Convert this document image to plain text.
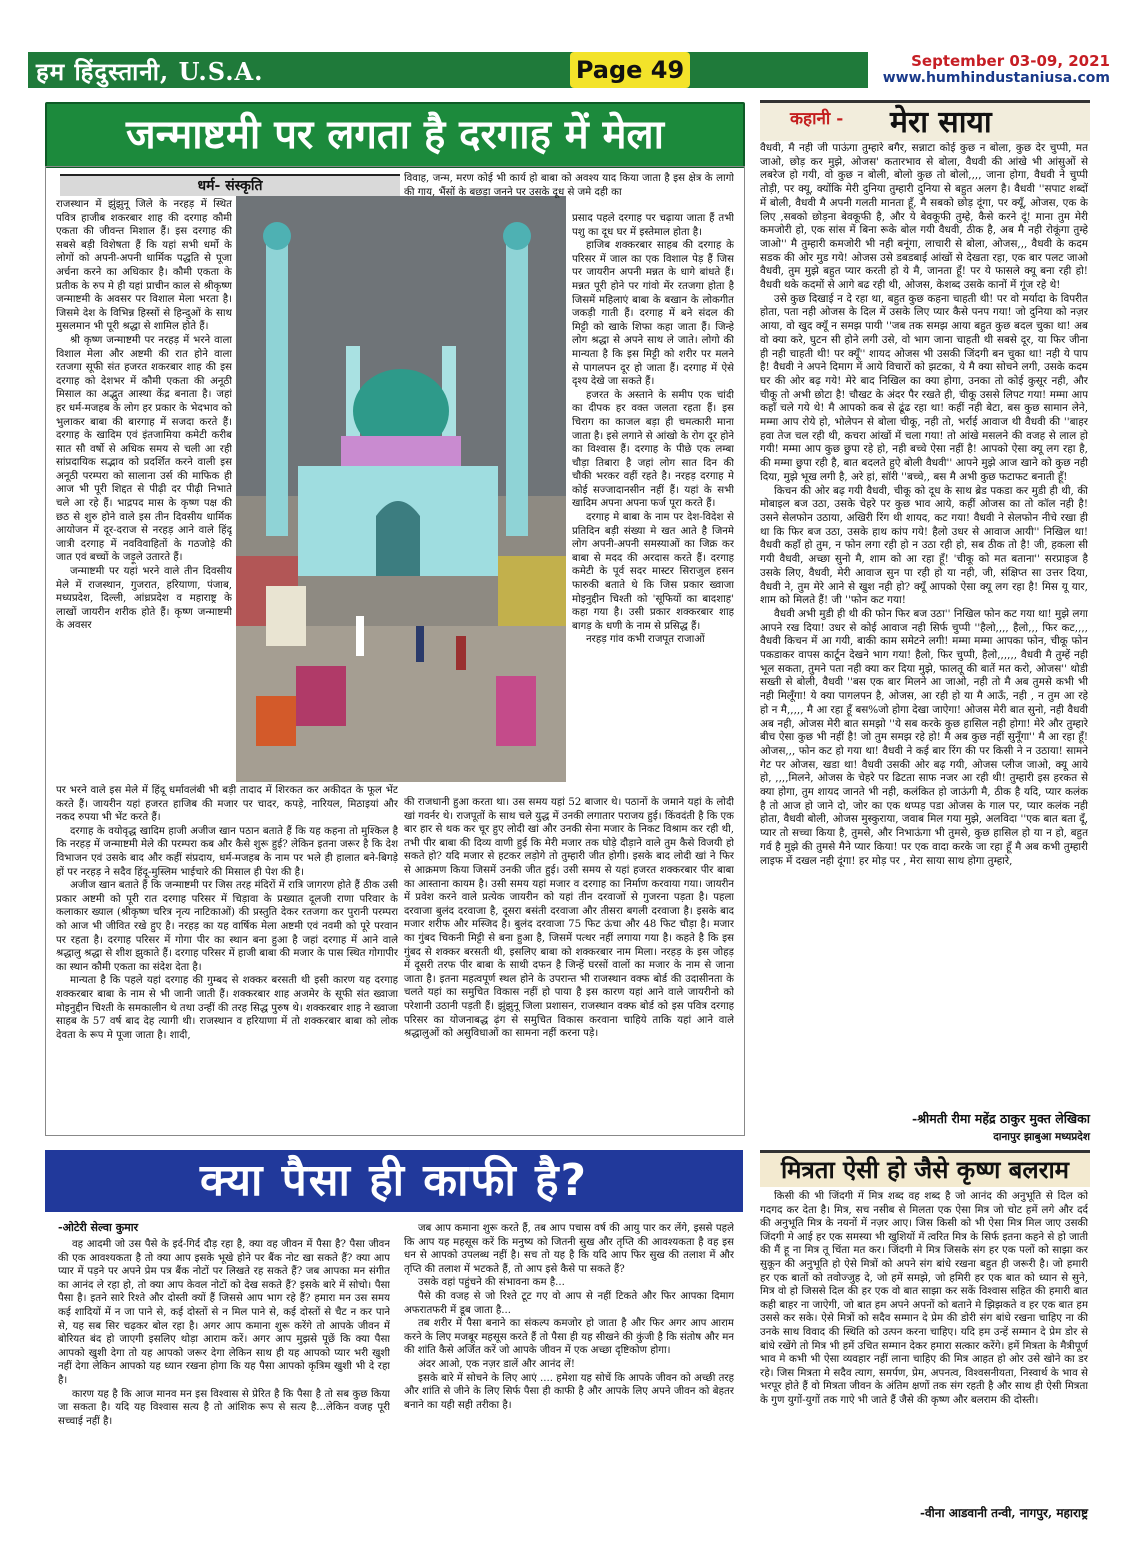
हम हिंदुस्तानी, U.S.A.	Page 49	September 03-09, 2021
www.humhindustaniusa.com
जन्माष्टमी पर लगता है दरगाह में मेला
धर्म- संस्कृति

राजस्थान में झुंझुनू जिले के नरहड़ में स्थित पवित्र हाजीब शकरबार शाह की दरगाह कौमी एकता की जीवन्त मिशाल हैं। इस दरगाह की सबसे बड़ी विशेषता हैं कि यहां सभी धर्मो के लोगों को अपनी-अपनी धार्मिक पद्धति से पूजा अर्चना करने का अधिकार है। कौमी एकता के प्रतीक के रुप मे ही यहां प्राचीन काल से श्रीकृष्ण जन्माष्टमी के अवसर पर विशाल मेला भरता है। जिसमे देश के विभिन्न हिस्सों से हिन्दुओं के साथ मुसलमान भी पूरी श्रद्धा से शामिल होते हैं।

श्री कृष्ण जन्माष्टमी पर नरहड़ में भरने वाला विशाल मेला और अष्टमी की रात होने वाला रतजगा सूफी संत हजरत शकरबार शाह की इस दरगाह को देशभर में कौमी एकता की अनूठी मिसाल का अद्भुत आस्था केंद्र बनाता है। जहां हर धर्म-मजहब के लोग हर प्रकार के भेदभाव को भुलाकर बाबा की बारगाह में सजदा करते हैं। दरगाह के खादिम एवं इंतजामिया कमेटी करीब सात सौ वर्षो से अधिक समय से चली आ रही सांप्रदायिक सद्भाव को प्रदर्शित करने वाली इस अनूठी परम्परा को सालाना उर्स की माफिक ही आज भी पूरी शिद्दत से पीढ़ी दर पीढ़ी निभाते चले आ रहे हैं। भाद्रपद मास के कृष्ण पक्ष की छठ से शुरु होने वाले इस तीन दिवसीय धार्मिक आयोजन में दूर-दराज से नरहड़ आने वाले हिंदू जात्री दरगाह में नवविवाहितों के गठजोड़े की जात एवं बच्चों के जड़ूले उतारते हैं।

जन्माष्टमी पर यहां भरने वाले तीन दिवसीय मेले में राजस्थान, गुजरात, हरियाणा, पंजाब, मध्यप्रदेश, दिल्ली, आंध्रप्रदेश व महाराष्ट्र के लाखों जायरीन शरीक होते हैं। कृष्ण जन्माष्टमी के अवसर

पर भरने वाले इस मेले में हिंदू धर्मावलंबी भी बड़ी तादाद में शिरकत कर अकीदत के फूल भेंट करते हैं। जायरीन यहां हजरत हाजिब की मजार पर चादर, कपड़े, नारियल, मिठाइयां और नकद रुपया भी भेंट करते हैं।

दरगाह के वयोवृद्ध खादिम हाजी अजीज खान पठान बताते हैं कि यह कहना तो मुश्किल है कि नरहड़ में जन्माष्टमी मेले की परम्परा कब और कैसे शुरू हुई? लेकिन इतना जरूर है कि देश विभाजन एवं उसके बाद और कहीं संप्रदाय, धर्म-मजहब के नाम पर भले ही हालात बने-बिगड़े हों पर नरहड़ ने सदैव हिंदू-मुस्लिम भाईचारे की मिसाल ही पेश की है।

अजीज खान बताते हैं कि जन्माष्टमी पर जिस तरह मंदिरों में रात्रि जागरण होते हैं ठीक उसी प्रकार अष्टमी को पूरी रात दरगाह परिसर में चिड़ावा के प्रख्यात दूलजी राणा परिवार के कलाकार ख्याल (श्रीकृष्ण चरित्र नृत्य नाटिकाओं) की प्रस्तुति देकर रतजगा कर पुरानी परम्परा को आज भी जीवित रखे हुए है। नरहड़ का यह वार्षिक मेला अष्टमी एवं नवमी को पूरे परवान पर रहता है। दरगाह परिसर में गोगा पीर का स्थान बना हुआ है जहां दरगाह में आने वाले श्रद्धालु श्रद्धा से शीश झुकाते हैं। दरगाह परिसर में हाजी बाबा की मजार के पास स्थित गोगापीर का स्थान कौमी एकता का संदेश देता है।

मान्यता है कि पहले यहां दरगाह की गुम्बद से शक्कर बरसती थी इसी कारण यह दरगाह शक्करबार बाबा के नाम से भी जानी जाती हैं। शक्करबार शाह अजमेर के सूफी संत ख्वाजा मोइनुद्दीन चिश्ती के समकालीन थे तथा उन्हीं की तरह सिद्ध पुरुष थे। शक्करबार शाह ने ख्वाजा साहब के 57 वर्ष बाद देह त्यागी थी। राजस्थान व हरियाणा में तो शक्करबार बाबा को लोक देवता के रूप मे पूजा जाता है। शादी,

विवाह, जन्म, मरण कोई भी कार्य हो बाबा को अवश्य याद किया जाता है इस क्षेत्र के लागो की गाय, भैंसों के बछड़ा जनने पर उसके दूध से जमे दही का

प्रसाद पहले दरगाह पर चढ़ाया जाता हैं तभी पशु का दूध घर में इस्तेमाल होता है।

हाजिब शक्करबार साहब की दरगाह के परिसर में जाल का एक विशाल पेड़ हैं जिस पर जायरीन अपनी मन्नत के धागे बांधते हैं। मन्नत पूरी होने पर गांवो मेंर रतजगा होता है जिसमें महिलाएं बाबा के बखान के लोकगीत जकड़ी गाती हैं। दरगाह में बने संदल की मिट्टी को खाके शिफा कहा जाता हैं। जिन्हे लोग श्रद्धा से अपने साथ ले जाते। लोगो की मान्यता है कि इस मिट्टी को शरीर पर मलने से पागलपन दूर हो जाता हैं। दरगाह में ऐसे दृश्य देखे जा सकते हैं।

हजरत के अस्ताने के समीप एक चांदी का दीपक हर वक्त जलता रहता हैं। इस चिराग का काजल बड़ा ही चमत्कारी माना जाता है। इसे लगाने से आंखो के रोग दूर होने का विश्वास हैं। दरगाह के पीछे एक लम्बा चौड़ा तिबारा है जहां लोग सात दिन की चौकी भरकर वहीं रहते है। नरहड़ दरगाह मे कोई सज्जादानसीन नहीं हैं। यहां के सभी खादिम अपना अपना फर्ज पूरा करते हैं।

दरगाह मे बाबा के नाम पर देश-विदेश से प्रतिदिन बड़ी संख्या मे खत आते है जिनमे लोग अपनी-अपनी समस्याओं का जिक्र कर बाबा से मदद की अरदास करते हैं। दरगाह कमेटी के पूर्व सदर मास्टर सिराजुल हसन फारुकी बताते थे कि जिस प्रकार ख्वाजा मोइनुद्दीन चिश्ती को 'सूफियों का बादशाह' कहा गया है। उसी प्रकार शक्करबार शाह बागड़ के धणी के नाम से प्रसिद्ध हैं।

नरहड़ गांव कभी राजपूत राजाओं

की राजधानी हुआ करता था। उस समय यहां 52 बाजार थे। पठानों के जमाने यहां के लोदी खां गवर्नर थे। राजपूतों के साथ चले युद्ध में उनकी लगातार पराजय हुई। किंवदंती है कि एक बार हार से थक कर चूर हुए लोदी खां और उनकी सेना मजार के निकट विश्राम कर रही थी, तभी पीर बाबा की दिव्य वाणी हुई कि मेरी मजार तक घोड़े दौड़ाने वाले तुम कैसे विजयी हो सकते हो? यदि मजार से हटकर लड़ोगे तो तुम्हारी जीत होगी। इसके बाद लोदी खां ने फिर से आक्रमण किया जिसमें उनकी जीत हुई। उसी समय से यहां हजरत शक्करबार पीर बाबा का आस्ताना कायम है। उसी समय यहां मजार व दरगाह का निर्माण करवाया गया। जायरीन में प्रवेश करने वाले प्रत्येक जायरीन को यहां तीन दरवाजों से गुजरना पड़ता है। पहला दरवाजा बुलंद दरवाजा है, दूसरा बसंती दरवाजा और तीसरा बगली दरवाजा है। इसके बाद मजार शरीफ और मस्जिद है। बुलंद दरवाजा 75 फिट ऊंचा और 48 फिट चौड़ा है। मजार का गुंबद चिकनी मिट्टी से बना हुआ है, जिसमें पत्थर नहीं लगाया गया है। कहते है कि इस गुंबद से शक्कर बरसती थी, इसलिए बाबा को शक्करबार नाम मिला। नरहड़ के इस जोहड़ में दूसरी तरफ पीर बाबा के साथी दफन है जिन्हें घरसों वालों का मजार के नाम से जाना जाता है। इतना महत्वपूर्ण स्थल होने के उपरान्त भी राजस्थान वक्फ बोर्ड की उदासीनता के चलते यहां का समुचित विकास नहीं हो पाया है इस कारण यहां आने वाले जायरीनो को परेशानी उठानी पड़ती हैं। झुंझुनू जिला प्रशासन, राजस्थान वक्फ बोर्ड को इस पवित्र दरगाह परिसर का योजनाबद्ध ढ़ंग से समुचित विकास करवाना चाहिये ताकि यहां आने वाले श्रद्धालुओं को असुविधाओं का सामना नहीं करना पड़े।

कहानी - मेरा साया

वैधवी, मै नही जी पाऊंगा तुम्हारे बगैर, सन्नाटा कोई कुछ न बोला, कुछ देर चुप्पी, मत जाओ, छोड़ कर मुझे, ओजस' कतारभाव से बोला, वैधवी की आंखे भी आंसुओं से लबरेज हो गयी, वो कुछ न बोली, बोलो कुछ तो बोलो,,,, जाना होगा, वैधवी ने चुप्पी तोड़ी, पर क्यू, क्योंकि मेरी दुनिया तुम्हारी दुनिया से बहुत अलग है। वैधवी ''सपाट शब्दों में बोली, वैधवी मै अपनी गलती मानता हूँ, मै सबको छोड़ दूंगा, पर क्यूँ, ओजस, एक के लिए ,सबको छोड़ना बेवकूफी है, और ये बेवकूफी तुम्हे, कैसे करने दूं! माना तुम मेरी कमजोरी हो, एक सांस में बिना रूके बोल गयी वैधवी, ठीक है, अब मै नही रोकूंगा तुम्हे जाओ'' मै तुम्हारी कमजोरी भी नही बनूंगा, लाचारी से बोला, ओजस,,, वैधवी के कदम सडक की ओर मुड गये! ओजस उसे डबडबाई आंखों से देखता रहा, एक बार पलट जाओ वैधवी, तुम मुझे बहुत प्यार करती हो ये मै, जानता हूँ! पर ये फासले क्यू बना रही हो! वैधवी थके कदमों से आगे बढ रही थी, ओजस, केशब्द उसके कानों में गूंज रहे थे!

उसे कुछ दिखाई न दे रहा था, बहुत कुछ कहना चाहती थी! पर वो मर्यादा के विपरीत होता, पता नही ओजस के दिल में उसके लिए प्यार कैसे पनप गया! जो दुनिया को नज़र आया, वो खुद क्यूँ न समझ पायी ''जब तक समझ आया बहुत कुछ बदल चुका था! अब वो क्या करे, घुटन सी होने लगी उसे, वो भाग जाना चाहती थी सबसे दूर, या फिर जीना ही नही चाहती थी! पर क्यूँ'' शायद ओजस भी उसकी जिंदगी बन चुका था! नही ये पाप है! वैधवी ने अपने दिमाग में आये विचारों को झटका, ये मै क्या सोचने लगी, उसके कदम घर की ओर बढ़ गये! मेरे बाद निखिल का क्या होगा, उनका तो कोई कुसूर नही, और चीकू तो अभी छोटा है! चौखट के अंदर पैर रखते ही, चीकू उससे लिपट गया! मम्मा आप कहाँ चले गये थे! मै आपको कब से ढूंढ रहा था! कहीं नही बेटा, बस कुछ सामान लेने, मम्मा आप रोये हो, भोलेपन से बोला चीकू, नही तो, भर्राई आवाज थी वैधवी की ''बाहर हवा तेज चल रही थी, कचरा आंखों में चला गया! तो आंखे मसलने की वजह से लाल हो गयी! मम्मा आप कुछ छुपा रहे हो, नही बच्चे ऐसा नहीं है! आपको ऐसा क्यू लग रहा है, की मम्मा छुपा रही है, बात बदलते हुऐ बोली वैधवी'' आपने मुझे आज खाने को कुछ नही दिया, मुझे भूख लगी है, अरे हां, सॉरी ''बच्चे,, बस मै अभी कुछ फटाफट बनाती हूँ!

किचन की ओर बढ़ गयी वैधवी, चीकू को दूध के साथ ब्रेड पकडा कर मुडी ही थी, की मोबाइल बज उठा, उसके चेहरे पर कुछ भाव आये, कहीं ओजस का तो कॉल नही है! उसने सेलफोन उठाया, अखिरी रिंग थी शायद, कट गया! वैधवी ने सेलफोन नीचे रखा ही था कि फिर बज उठा, उसके हाथ कांप गये! हैलो उधर से आवाज आयी'' निखिल था! वैधवी कहाँ हो तुम, न फोन लगा रही हो न उठा रही हो, सब ठीक तो है! जी, हकला सी गयी वैधवी, अच्छा सुनो मै, शाम को आ रहा हूँ! 'चीकू को मत बताना'' सरप्राइज है उसके लिए, वैधवी, मेरी आवाज सुन पा रही हो या नही, जी, संक्षिप्त सा उत्तर दिया, वैधवी ने, तुम मेरे आने से खुश नही हो? क्यूँ आपको ऐसा क्यू लग रहा है! मिस यू यार, शाम को मिलते हैं! जी ''फोन कट गया!

वैधवी अभी मुडी ही थी की फोन फिर बज उठा'' निखिल फोन कट गया था! मुझे लगा आपने रख दिया! उधर से कोई आवाज नही सिर्फ चुप्पी ''हैलो,,,, हैलो,,, फिर कट,,,, वैधवी किचन में आ गयी, बाकी काम समेटने लगी! मम्मा मम्मा आपका फोन, चीकू फोन पकडाकर वापस कार्टून देखने भाग गया! हैलो, फिर चुप्पी, हैलो,,,,,, वैधवी मै तुम्हें नही भूल सकता, तुमने पता नही क्या कर दिया मुझे, फालतू की बातें मत करो, ओजस'' थोडी सख्ती से बोली, वैधवी ''बस एक बार मिलने आ जाओ, नही तो मै अब तुमसे कभी भी नही मिलूँगा! ये क्या पागलपन है, ओजस, आ रही हो या मै आऊँ, नही , न तुम आ रहे हो न मै,,,,, मै आ रहा हूँ बस%जो होगा देखा जाऐगा! ओजस मेरी बात सुनो, नही वैधवी अब नही, ओजस मेरी बात समझो ''ये सब करके कुछ हासिल नही होगा! मेरे और तुम्हारे बीच ऐसा कुछ भी नहीं है! जो तुम समझ रहे हो! मै अब कुछ नहीं सुनूँगा'' मै आ रहा हूँ! ओजस,,, फोन कट हो गया था! वैधवी ने कई बार रिंग की पर किसी ने न उठाया! सामने गेट पर ओजस, खडा था! वैधवी उसकी ओर बढ़ गयी, ओजस प्लीज जाओ, क्यू आये हो, ,,,,मिलने, ओजस के चेहरे पर ढिटता साफ नजर आ रही थी! तुम्हारी इस हरकत से क्या होगा, तुम शायद जानते भी नही, कलंकित हो जाऊंगी मै, ठीक है यदि, प्यार कलंक है तो आज हो जाने दो, जोर का एक थप्पड़ पडा ओजस के गाल पर, प्यार कलंक नही होता, वैधवी बोली, ओजस मुस्कुराया, जवाब मिल गया मुझे, अलविदा ''एक बात बता दूँ, प्यार तो सच्चा किया है, तुमसे, और निभाऊंगा भी तुमसे, कुछ हासिल हो या न हो, बहुत गर्व है मुझे की तुमसे मैने प्यार किया! पर एक वादा करके जा रहा हूँ मै अब कभी तुम्हारी लाइफ में दखल नही दूंगा! हर मोड़ पर , मेरा साया साथ होगा तुम्हारे,

-श्रीमती रीमा महेंद्र ठाकुर मुक्त लेखिका
दानापुर झाबुआ मध्यप्रदेश
क्या पैसा ही काफी है?
-ओटेरी सेल्वा कुमार

वह आदमी जो उस पैसे के इर्द-गिर्द दौड़ रहा है, क्या वह जीवन में पैसा है? पैसा जीवन की एक आवश्यकता है तो क्या आप इसके भूखे होने पर बैंक नोट खा सकते हैं? क्या आप प्यार में पड़ने पर अपने प्रेम पत्र बैंक नोटों पर लिखते रह सकते हैं? जब आपका मन संगीत का आनंद ले रहा हो, तो क्या आप केवल नोटों को देख सकते हैं? इसके बारे में सोचो। पैसा पैसा है। इतने सारे रिश्ते और दोस्ती क्यों हैं जिससे आप भाग रहे हैं? हमारा मन उस समय कई शादियों में न जा पाने से, कई दोस्तों से न मिल पाने से, कई दोस्तों से चैट न कर पाने से, यह सब सिर चढ़कर बोल रहा है। अगर आप कमाना शुरू करेंगे तो आपके जीवन में बोरियत बंद हो जाएगी इसलिए थोड़ा आराम करें। अगर आप मुझसे पूछें कि क्या पैसा आपको खुशी देगा तो यह आपको जरूर देगा लेकिन साथ ही यह आपको प्यार भरी खुशी नहीं देगा लेकिन आपको यह ध्यान रखना होगा कि यह पैसा आपको कृत्रिम खुशी भी दे रहा है।

कारण यह है कि आज मानव मन इस विश्वास से प्रेरित है कि पैसा है तो सब कुछ किया जा सकता है। यदि यह विश्वास सत्य है तो आंशिक रूप से सत्य है...लेकिन वजह पूरी सच्चाई नहीं है।

जब आप कमाना शुरू करते हैं, तब आप पचास वर्ष की आयु पार कर लेंगे, इससे पहले कि आप यह महसूस करें कि मनुष्य को जितनी सुख और तृप्ति की आवश्यकता है वह इस धन से आपको उपलब्ध नहीं है। सच तो यह है कि यदि आप फिर सुख की तलाश में और तृप्ति की तलाश में भटकते हैं, तो आप इसे कैसे पा सकते हैं?

उसके वहां पहुंचने की संभावना कम है...

पैसे की वजह से जो रिश्ते टूट गए वो आप से नहीं टिकते और फिर आपका दिमाग अफरातफरी में डूब जाता है...

तब शरीर में पैसा बनाने का संकल्प कमजोर हो जाता है और फिर अगर आप आराम करने के लिए मजबूर महसूस करते हैं तो पैसा ही यह सीखने की कुंजी है कि संतोष और मन की शांति कैसे अर्जित करें जो आपके जीवन में एक अच्छा दृष्टिकोण होगा।

अंदर आओ, एक नज़र डालें और आनंद लें!

इसके बारे में सोचने के लिए आएं .... हमेशा यह सोचें कि आपके जीवन को अच्छी तरह और शांति से जीने के लिए सिर्फ पैसा ही काफी है और आपके लिए अपने जीवन को बेहतर बनाने का यही सही तरीका है।

मित्रता ऐसी हो जैसे कृष्ण बलराम

किसी की भी जिंदगी में मित्र शब्द वह शब्द है जो आनंद की अनुभूति से दिल को गदगद कर देता है। मित्र, सच नसीब से मिलता एक ऐसा मित्र जो चोट हमें लगे और दर्द की अनुभूति मित्र के नयनों में नज़र आए। जिस किसी को भी ऐसा मित्र मिल जाए उसकी जिंदगी मे आई हर एक समस्या भी खुशियों में त्वरित मित्र के सिर्फ इतना कहने से हो जाती की मैं हू ना मित्र तू चिंता मत कर। जिंदगी मे मित्र जिसके संग हर एक पलों को साझा कर सुकून की अनुभूति हो ऐसे मित्रों को अपने संग बांधे रखना बहुत ही जरूरी है। जो हमारी हर एक बातों को तवोज्जुह दे, जो हमें समझे, जो हमिरी हर एक बात को ध्यान से सुने, मित्र वो हो जिससे दिल की हर एक वो बात साझा कर सकें विश्वास सहित की हमारी बात कही बाहर ना जाऐगी, जो बात हम अपने अपनों को बताने मे झिझकते व हर एक बात हम उससे कर सके। ऐसे मित्रों को सदैव सम्मान दे प्रेम की डोरी संग बांधे रखना चाहिए ना की उनके साथ विवाद की स्थिति को उत्पन करना चाहिए। यदि हम उन्हें सम्मान दे प्रेम डोर से बांधे रखेंगे तो मित्र भी हमें उचित सम्मान देकर हमारा सत्कार करेंगे। हमें मित्रता के मैत्रीपूर्ण भाव मे कभी भी ऐसा व्यवहार नहीं लाना चाहिए की मित्र आहत हो ओर उसे खोने का डर रहे। जिस मित्रता मे सदैव त्याग, समर्पण, प्रेम, अपनत्व, विश्वसनीयता, निस्वार्थ के भाव से भरपूर होते हैं वो मित्रता जीवन के अंतिम क्षणों तक संग रहती है और साथ ही ऐसी मित्रता के गुण युगों-युगों तक गाऐ भी जाते हैं जैसे की कृष्ण और बलराम की दोस्ती।

-वीना आडवानी तन्वी, नागपुर, महाराष्ट्र
